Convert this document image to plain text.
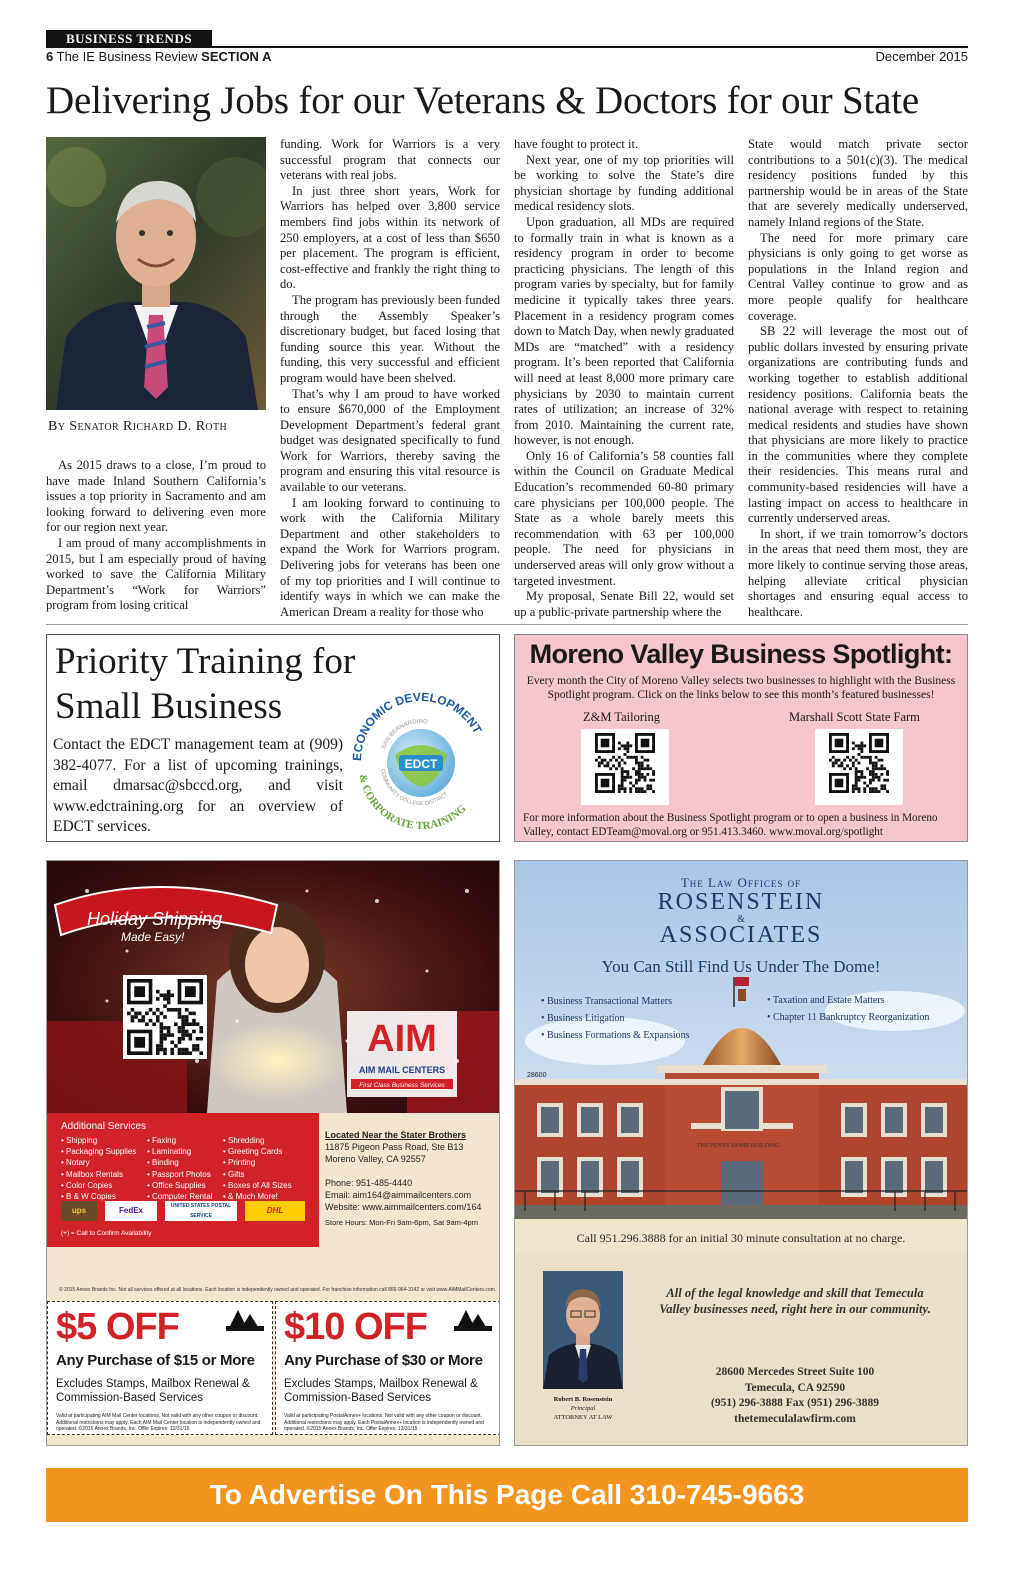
BUSINESS TRENDS
6 The IE Business Review SECTION A	December 2015
Delivering Jobs for our Veterans & Doctors for our State
By Senator Richard D. Roth

As 2015 draws to a close, I’m proud to have made Inland Southern California’s issues a top priority in Sacramento and am looking forward to delivering even more for our region next year.

I am proud of many accomplishments in 2015, but I am especially proud of having worked to save the California Military Department’s “Work for Warriors” program from losing critical

funding. Work for Warriors is a very successful program that connects our veterans with real jobs.

In just three short years, Work for Warriors has helped over 3,800 service members find jobs within its network of 250 employers, at a cost of less than $650 per placement. The program is efficient, cost-effective and frankly the right thing to do.

The program has previously been funded through the Assembly Speaker’s discretionary budget, but faced losing that funding source this year. Without the funding, this very successful and efficient program would have been shelved.

That’s why I am proud to have worked to ensure $670,000 of the Employment Development Department’s federal grant budget was designated specifically to fund Work for Warriors, thereby saving the program and ensuring this vital resource is available to our veterans.

I am looking forward to continuing to work with the California Military Department and other stakeholders to expand the Work for Warriors program. Delivering jobs for veterans has been one of my top priorities and I will continue to identify ways in which we can make the American Dream a reality for those who

have fought to protect it.

Next year, one of my top priorities will be working to solve the State’s dire physician shortage by funding additional medical residency slots.

Upon graduation, all MDs are required to formally train in what is known as a residency program in order to become practicing physicians. The length of this program varies by specialty, but for family medicine it typically takes three years. Placement in a residency program comes down to Match Day, when newly graduated MDs are “matched” with a residency program. It’s been reported that California will need at least 8,000 more primary care physicians by 2030 to maintain current rates of utilization; an increase of 32% from 2010. Maintaining the current rate, however, is not enough.

Only 16 of California’s 58 counties fall within the Council on Graduate Medical Education’s recommended 60-80 primary care physicians per 100,000 people. The State as a whole barely meets this recommendation with 63 per 100,000 people. The need for physicians in underserved areas will only grow without a targeted investment.

My proposal, Senate Bill 22, would set up a public-private partnership where the

State would match private sector contributions to a 501(c)(3). The medical residency positions funded by this partnership would be in areas of the State that are severely medically underserved, namely Inland regions of the State.

The need for more primary care physicians is only going to get worse as populations in the Inland region and Central Valley continue to grow and as more people qualify for healthcare coverage.

SB 22 will leverage the most out of public dollars invested by ensuring private organizations are contributing funds and working together to establish additional residency positions. California beats the national average with respect to retaining medical residents and studies have shown that physicians are more likely to practice in the communities where they complete their residencies. This means rural and community-based residencies will have a lasting impact on access to healthcare in currently underserved areas.

In short, if we train tomorrow’s doctors in the areas that need them most, they are more likely to continue serving those areas, helping alleviate critical physician shortages and ensuring equal access to healthcare.

Priority Training for
Small Business
Contact the EDCT management team at (909) 382-4077. For a list of upcoming trainings, email dmarsac@sbccd.org, and visit www.edctraining.org for an overview of EDCT services.
EDCT
ECONOMIC DEVELOPMENT
& CORPORATE TRAINING
SAN BERNARDINO
COMMUNITY COLLEGE DISTRICT
Moreno Valley Business Spotlight:
Every month the City of Moreno Valley selects two businesses to highlight with the Business Spotlight program. Click on the links below to see this month’s featured businesses!
Z&M Tailoring	Marshall Scott State Farm
For more information about the Business Spotlight program or to open a business in Moreno Valley, contact EDTeam@moval.org or 951.413.3460. www.moval.org/spotlight
Holiday Shipping
Made Easy!
AIM
AIM MAIL CENTERS
First Class Business Services
Additional Services
• Shipping
• Packaging Supplies
• Notary
• Mailbox Rentals
• Color Copies
• B & W Copies
• Faxing
• Laminating
• Binding
• Passport Photos
• Office Supplies
• Computer Rental
• Shredding
• Greeting Cards
• Printing
• Gifts
• Boxes of All Sizes
• & Much More!
ups	FedEx	UNITED STATES POSTAL SERVICE
DHL
(+) = Call to Confirm Availability
Located Near the Stater Brothers
11875 Pigeon Pass Road, Ste B13
Moreno Valley, CA 92557
Phone: 951-485-4440
Email: aim164@aimmailcenters.com
Website: www.aimmailcenters.com/164
Store Hours: Mon-Fri 9am-6pm, Sat 9am-4pm
© 2015 Annex Brands Inc. Not all services offered at all locations. Each location is independently owned and operated. For franchise information call 866-964-3142 or visit www.AIMMailCenters.com.
$5 OFF
Any Purchase of $15 or More
Excludes Stamps, Mailbox Renewal & Commission-Based Services
Valid at participating AIM Mail Center locations. Not valid with any other coupon or discount. Additional restrictions may apply. Each AIM Mail Center location is independently owned and operated. ©2015 Annex Brands, Inc. Offer Expires: 12/31/15
$10 OFF
Any Purchase of $30 or More
Excludes Stamps, Mailbox Renewal & Commission-Based Services
Valid at participating PostalAnnex+ locations. Not valid with any other coupon or discount. Additional restrictions may apply. Each PostalAnnex+ location is independently owned and operated. ©2015 Annex Brands, Inc. Offer Expires: 12/31/15
THE PENNY DOME BUILDING
28600
The Law Offices of
ROSENSTEIN
&
ASSOCIATES
You Can Still Find Us Under The Dome!
• Business Transactional Matters
• Business Litigation
• Business Formations & Expansions
• Taxation and Estate Matters
• Chapter 11 Bankruptcy Reorganization
Call 951.296.3888 for an initial 30 minute consultation at no charge.
Robert B. Rosenstein
Principal
ATTORNEY AT LAW
All of the legal knowledge and skill that Temecula Valley businesses need, right here in our community.
28600 Mercedes Street Suite 100
Temecula, CA 92590
(951) 296-3888 Fax (951) 296-3889
thetemeculalawfirm.com
To Advertise On This Page Call 310-745-9663
